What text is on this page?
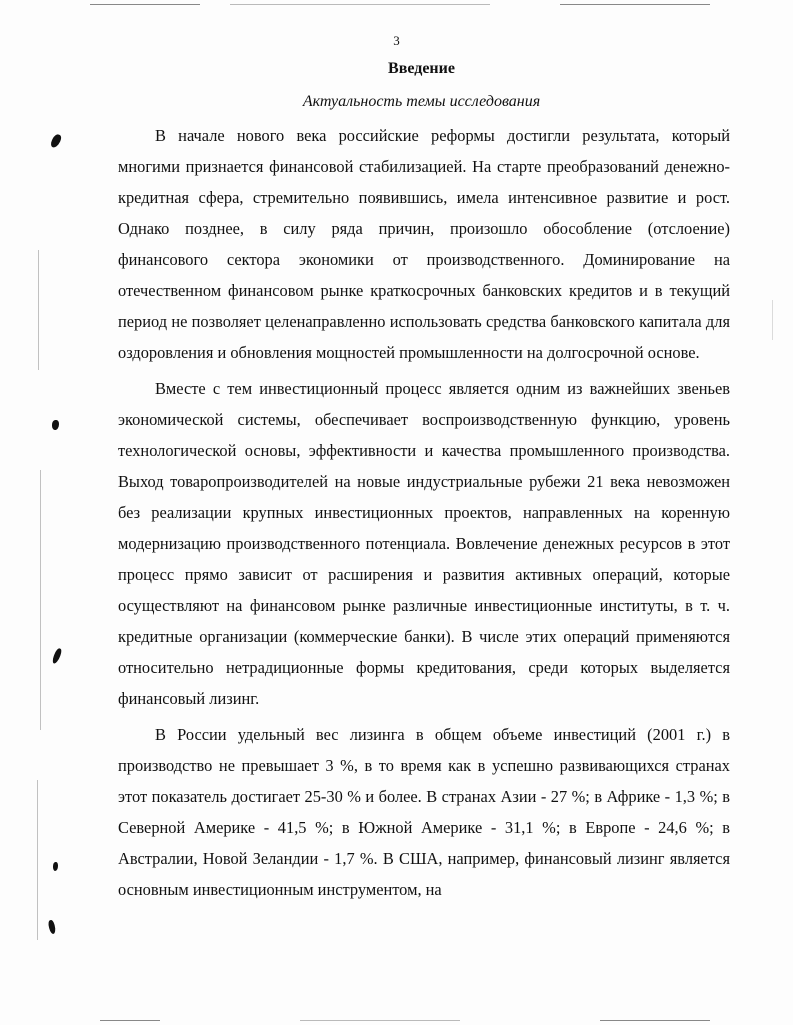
3
Введение
Актуальность темы исследования

В начале нового века российские реформы достигли результата, который многими признается финансовой стабилизацией. На старте преобразований денежно-кредитная сфера, стремительно появившись, имела интенсивное развитие и рост. Однако позднее, в силу ряда причин, произошло обособление (отслоение) финансового сектора экономики от производственного. Доминирование на отечественном финансовом рынке краткосрочных банковских кредитов и в текущий период не позволяет целенаправленно использовать средства банковского капитала для оздоровления и обновления мощностей промышленности на долгосрочной основе.

Вместе с тем инвестиционный процесс является одним из важнейших звеньев экономической системы, обеспечивает воспроизводственную функцию, уровень технологической основы, эффективности и качества промышленного производства. Выход товаропроизводителей на новые индустриальные рубежи 21 века невозможен без реализации крупных инвестиционных проектов, направленных на коренную модернизацию производственного потенциала. Вовлечение денежных ресурсов в этот процесс прямо зависит от расширения и развития активных операций, которые осуществляют на финансовом рынке различные инвестиционные институты, в т. ч. кредитные организации (коммерческие банки). В числе этих операций применяются относительно нетрадиционные формы кредитования, среди которых выделяется финансовый лизинг.

В России удельный вес лизинга в общем объеме инвестиций (2001 г.) в производство не превышает 3 %, в то время как в успешно развивающихся странах этот показатель достигает 25-30 % и более. В странах Азии - 27 %; в Африке - 1,3 %; в Северной Америке - 41,5 %; в Южной Америке - 31,1 %; в Европе - 24,6 %; в Австралии, Новой Зеландии - 1,7 %. В США, например, финансовый лизинг является основным инвестиционным инструментом, на
